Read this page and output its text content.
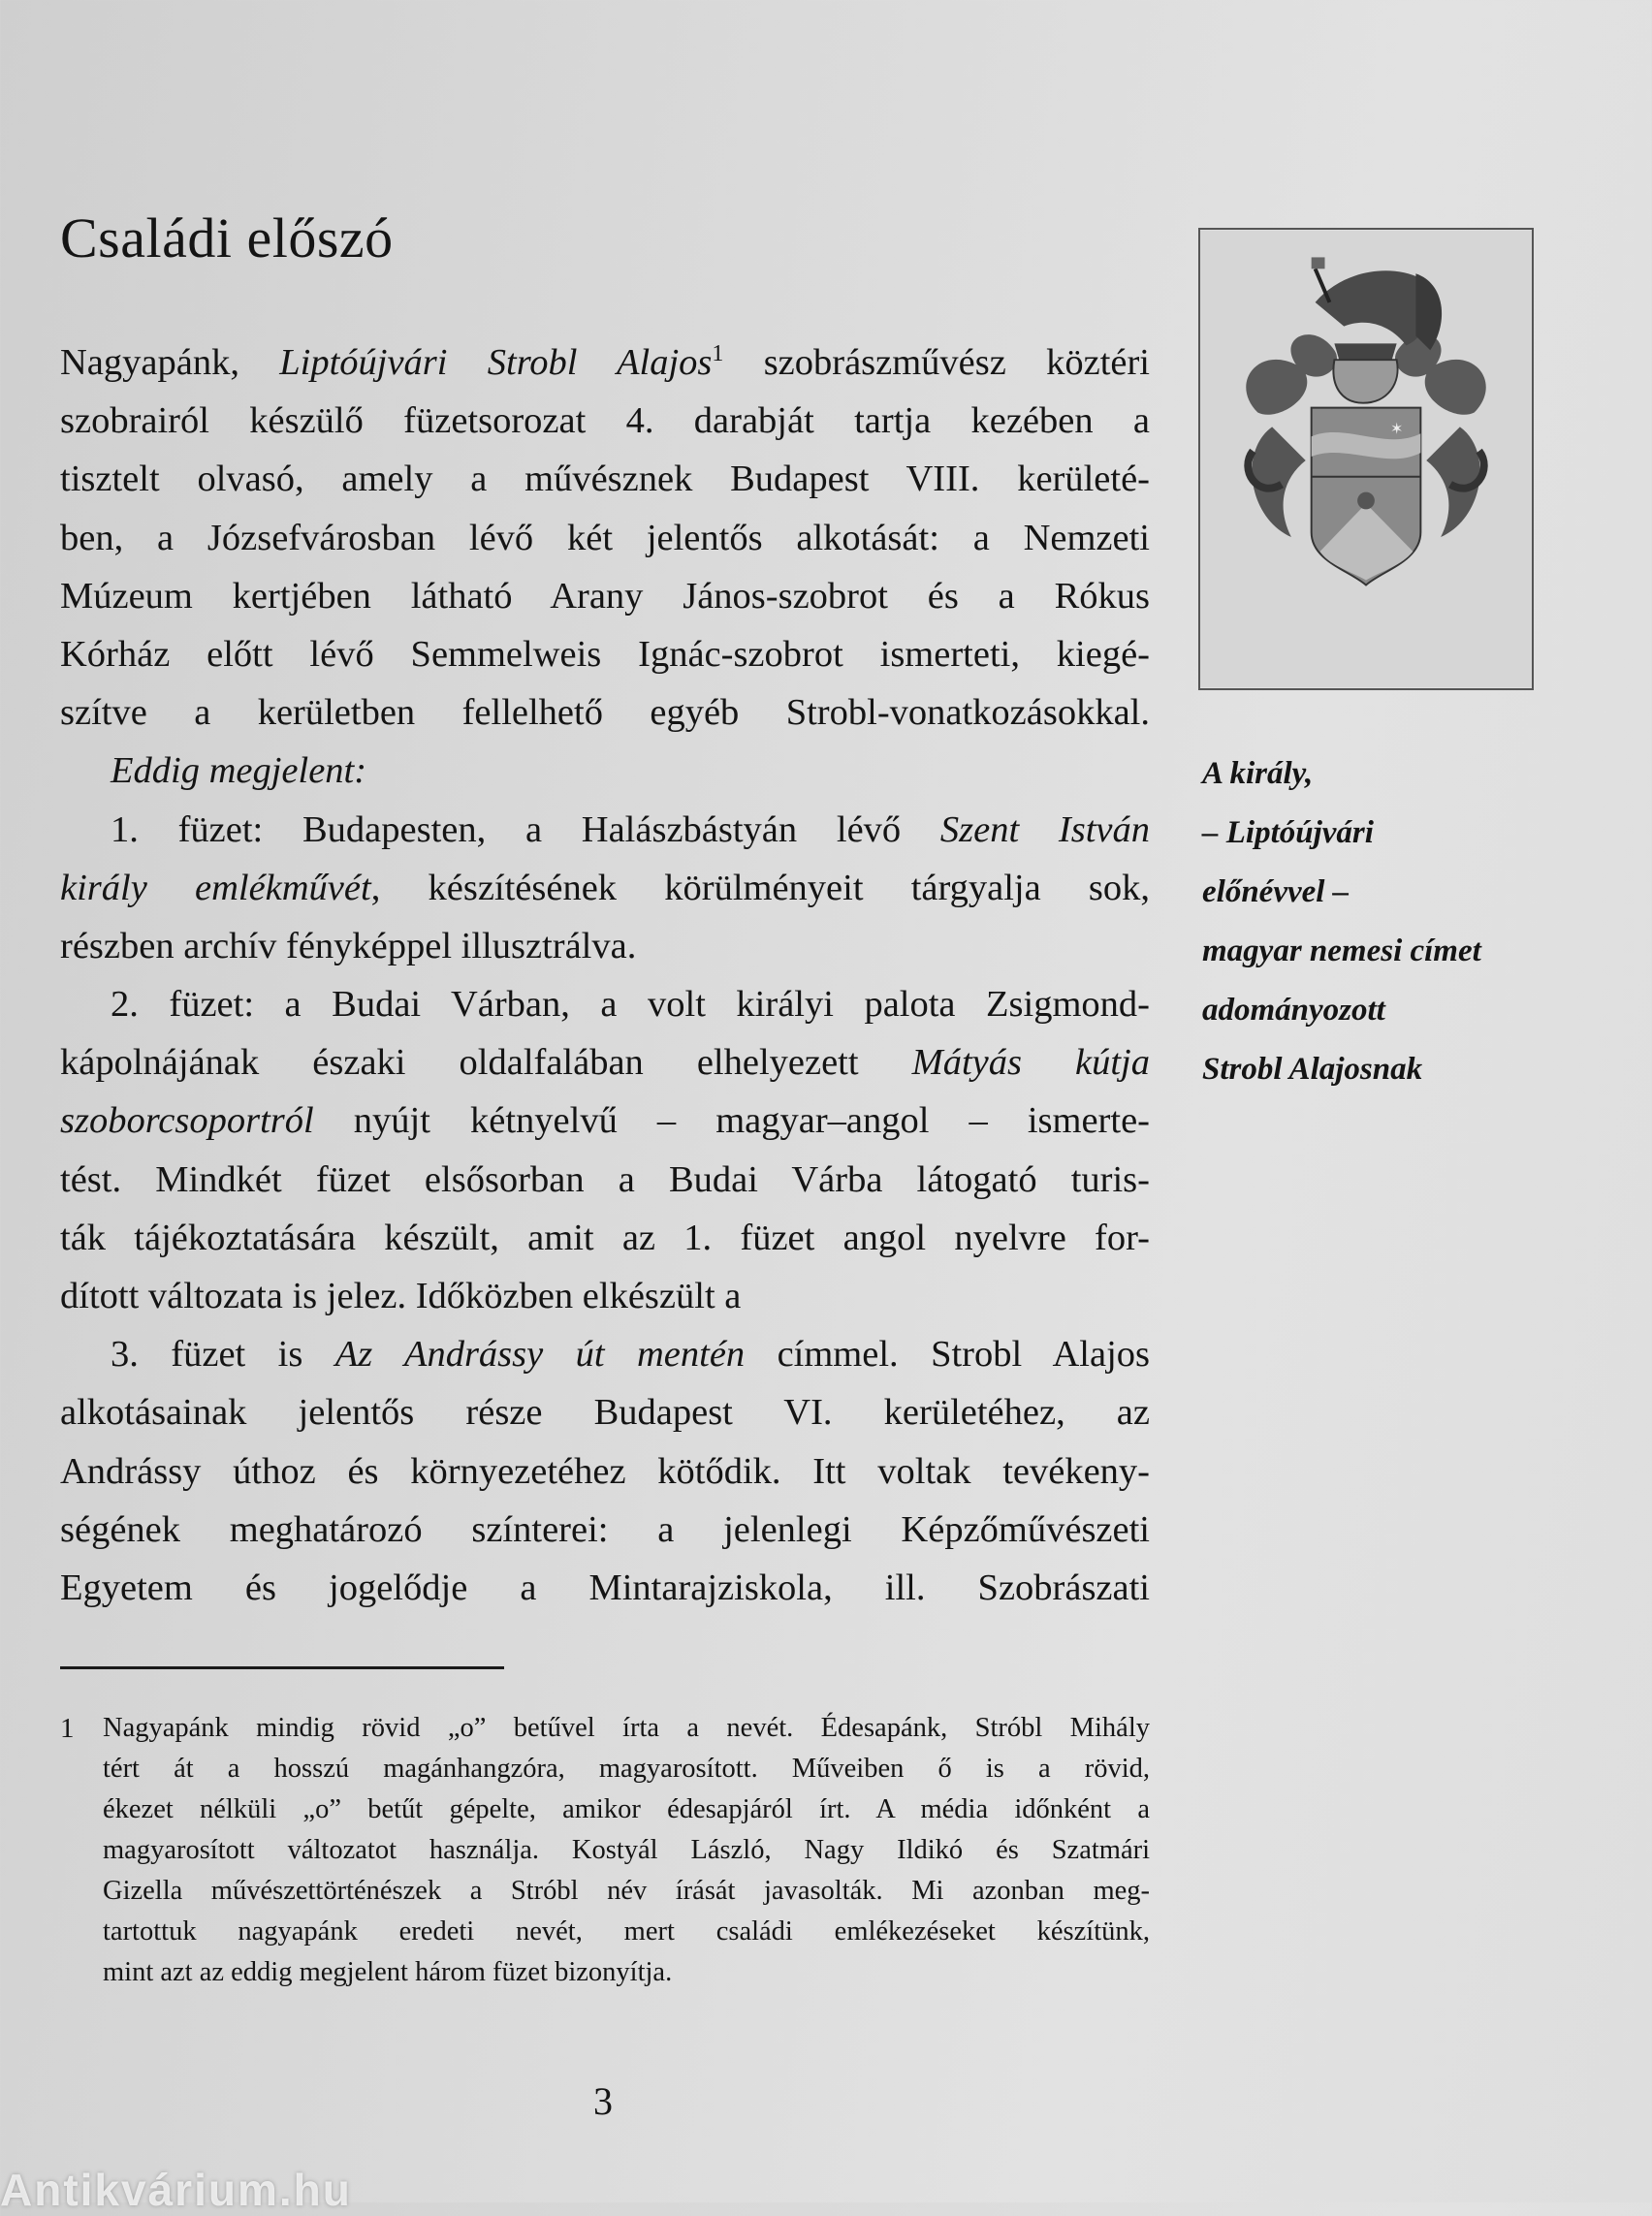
Családi előszó
Nagyapánk, Liptóújvári Strobl Alajos$^1$ szobrászművész köztéri
szobrairól készülő füzetsorozat 4. darabját tartja kezében a
tisztelt olvasó, amely a művésznek Budapest VIII. kerületé-
ben, a Józsefvárosban lévő két jelentős alkotását: a Nemzeti
Múzeum kertjében látható Arany János-szobrot és a Rókus
Kórház előtt lévő Semmelweis Ignác-szobrot ismerteti, kiegé-
szítve a kerületben fellelhető egyéb Strobl-vonatkozásokkal.
Eddig megjelent:
1. füzet: Budapesten, a Halászbástyán lévő Szent István
király emlékművét, készítésének körülményeit tárgyalja sok,
részben archív fényképpel illusztrálva.
2. füzet: a Budai Várban, a volt királyi palota Zsigmond-
kápolnájának északi oldalfalában elhelyezett Mátyás kútja
szoborcsoportról nyújt kétnyelvű – magyar–angol – ismerte-
tést. Mindkét füzet elsősorban a Budai Várba látogató turis-
ták tájékoztatására készült, amit az 1. füzet angol nyelvre for-
dított változata is jelez. Időközben elkészült a
3. füzet is Az Andrássy út mentén címmel. Strobl Alajos
alkotásainak jelentős része Budapest VI. kerületéhez, az
Andrássy úthoz és környezetéhez kötődik. Itt voltak tevékeny-
ségének meghatározó színterei: a jelenlegi Képzőművészeti
Egyetem és jogelődje a Mintarajziskola, ill. Szobrászati
✶
A király,
– Liptóújvári
előnévvel –
magyar nemesi címet
adományozott
Strobl Alajosnak
1 Nagyapánk mindig rövid „o” betűvel írta a nevét. Édesapánk, Stróbl Mihály
tért át a hosszú magánhangzóra, magyarosított. Műveiben ő is a rövid,
ékezet nélküli „o” betűt gépelte, amikor édesapjáról írt. A média időnként a
magyarosított változatot használja. Kostyál László, Nagy Ildikó és Szatmári
Gizella művészettörténészek a Stróbl név írását javasolták. Mi azonban meg-
tartottuk nagyapánk eredeti nevét, mert családi emlékezéseket készítünk,
mint azt az eddig megjelent három füzet bizonyítja.
3
Antikvárium.hu
